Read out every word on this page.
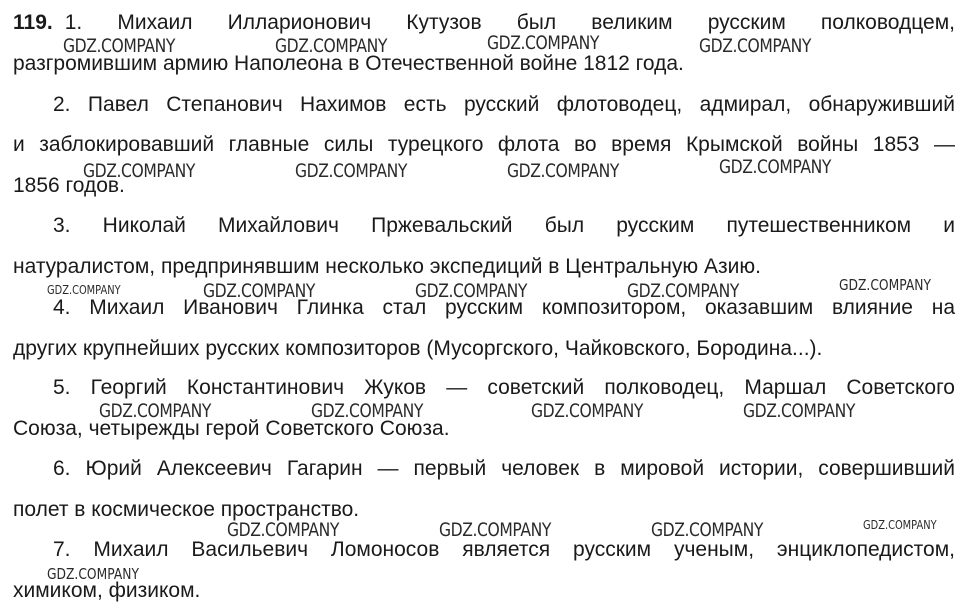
119. 1. Михаил Илларионович Кутузов был великим русским полководцем,
разгромившим армию Наполеона в Отечественной войне 1812 года.
2. Павел Степанович Нахимов есть русский флотоводец, адмирал, обнаруживший
и заблокировавший главные силы турецкого флота во время Крымской войны 1853 —
1856 годов.
3. Николай Михайлович Пржевальский был русским путешественником и
натуралистом, предпринявшим несколько экспедиций в Центральную Азию.
4. Михаил Иванович Глинка стал русским композитором, оказавшим влияние на
других крупнейших русских композиторов (Мусоргского, Чайковского, Бородина...).
5. Георгий Константинович Жуков — советский полководец, Маршал Советского
Союза, четырежды герой Советского Союза.
6. Юрий Алексеевич Гагарин — первый человек в мировой истории, совершивший
полет в космическое пространство.
7. Михаил Васильевич Ломоносов является русским ученым, энциклопедистом,
химиком, физиком.
GDZ.COMPANY	GDZ.COMPANY	GDZ.COMPANY	GDZ.COMPANY
GDZ.COMPANY	GDZ.COMPANY	GDZ.COMPANY	GDZ.COMPANY
GDZ.COMPANY	GDZ.COMPANY	GDZ.COMPANY	GDZ.COMPANY	GDZ.COMPANY
GDZ.COMPANY	GDZ.COMPANY	GDZ.COMPANY	GDZ.COMPANY
GDZ.COMPANY	GDZ.COMPANY	GDZ.COMPANY	GDZ.COMPANY
GDZ.COMPANY
